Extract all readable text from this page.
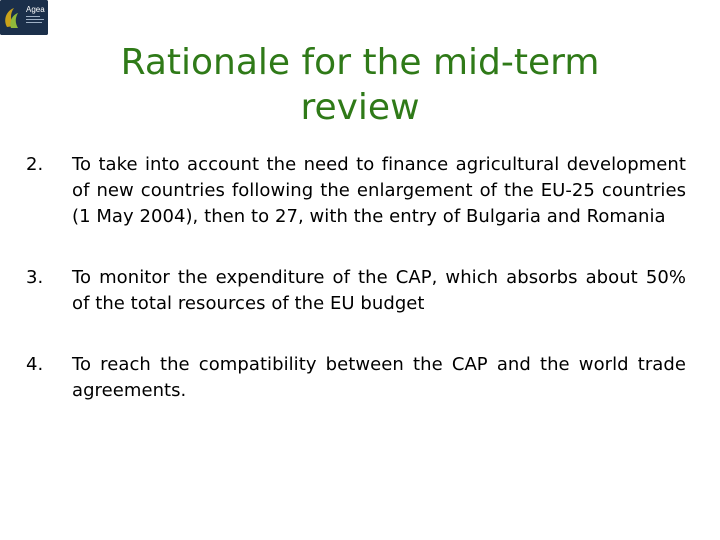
Agea
Rationale for the mid-term review
2. To take into account the need to finance agricultural development of new countries following the enlargement of the EU-25 countries (1 May 2004), then to 27, with the entry of Bulgaria and Romania
3. To monitor the expenditure of the CAP, which absorbs about 50% of the total resources of the EU budget
4. To reach the compatibility between the CAP and the world trade agreements.
